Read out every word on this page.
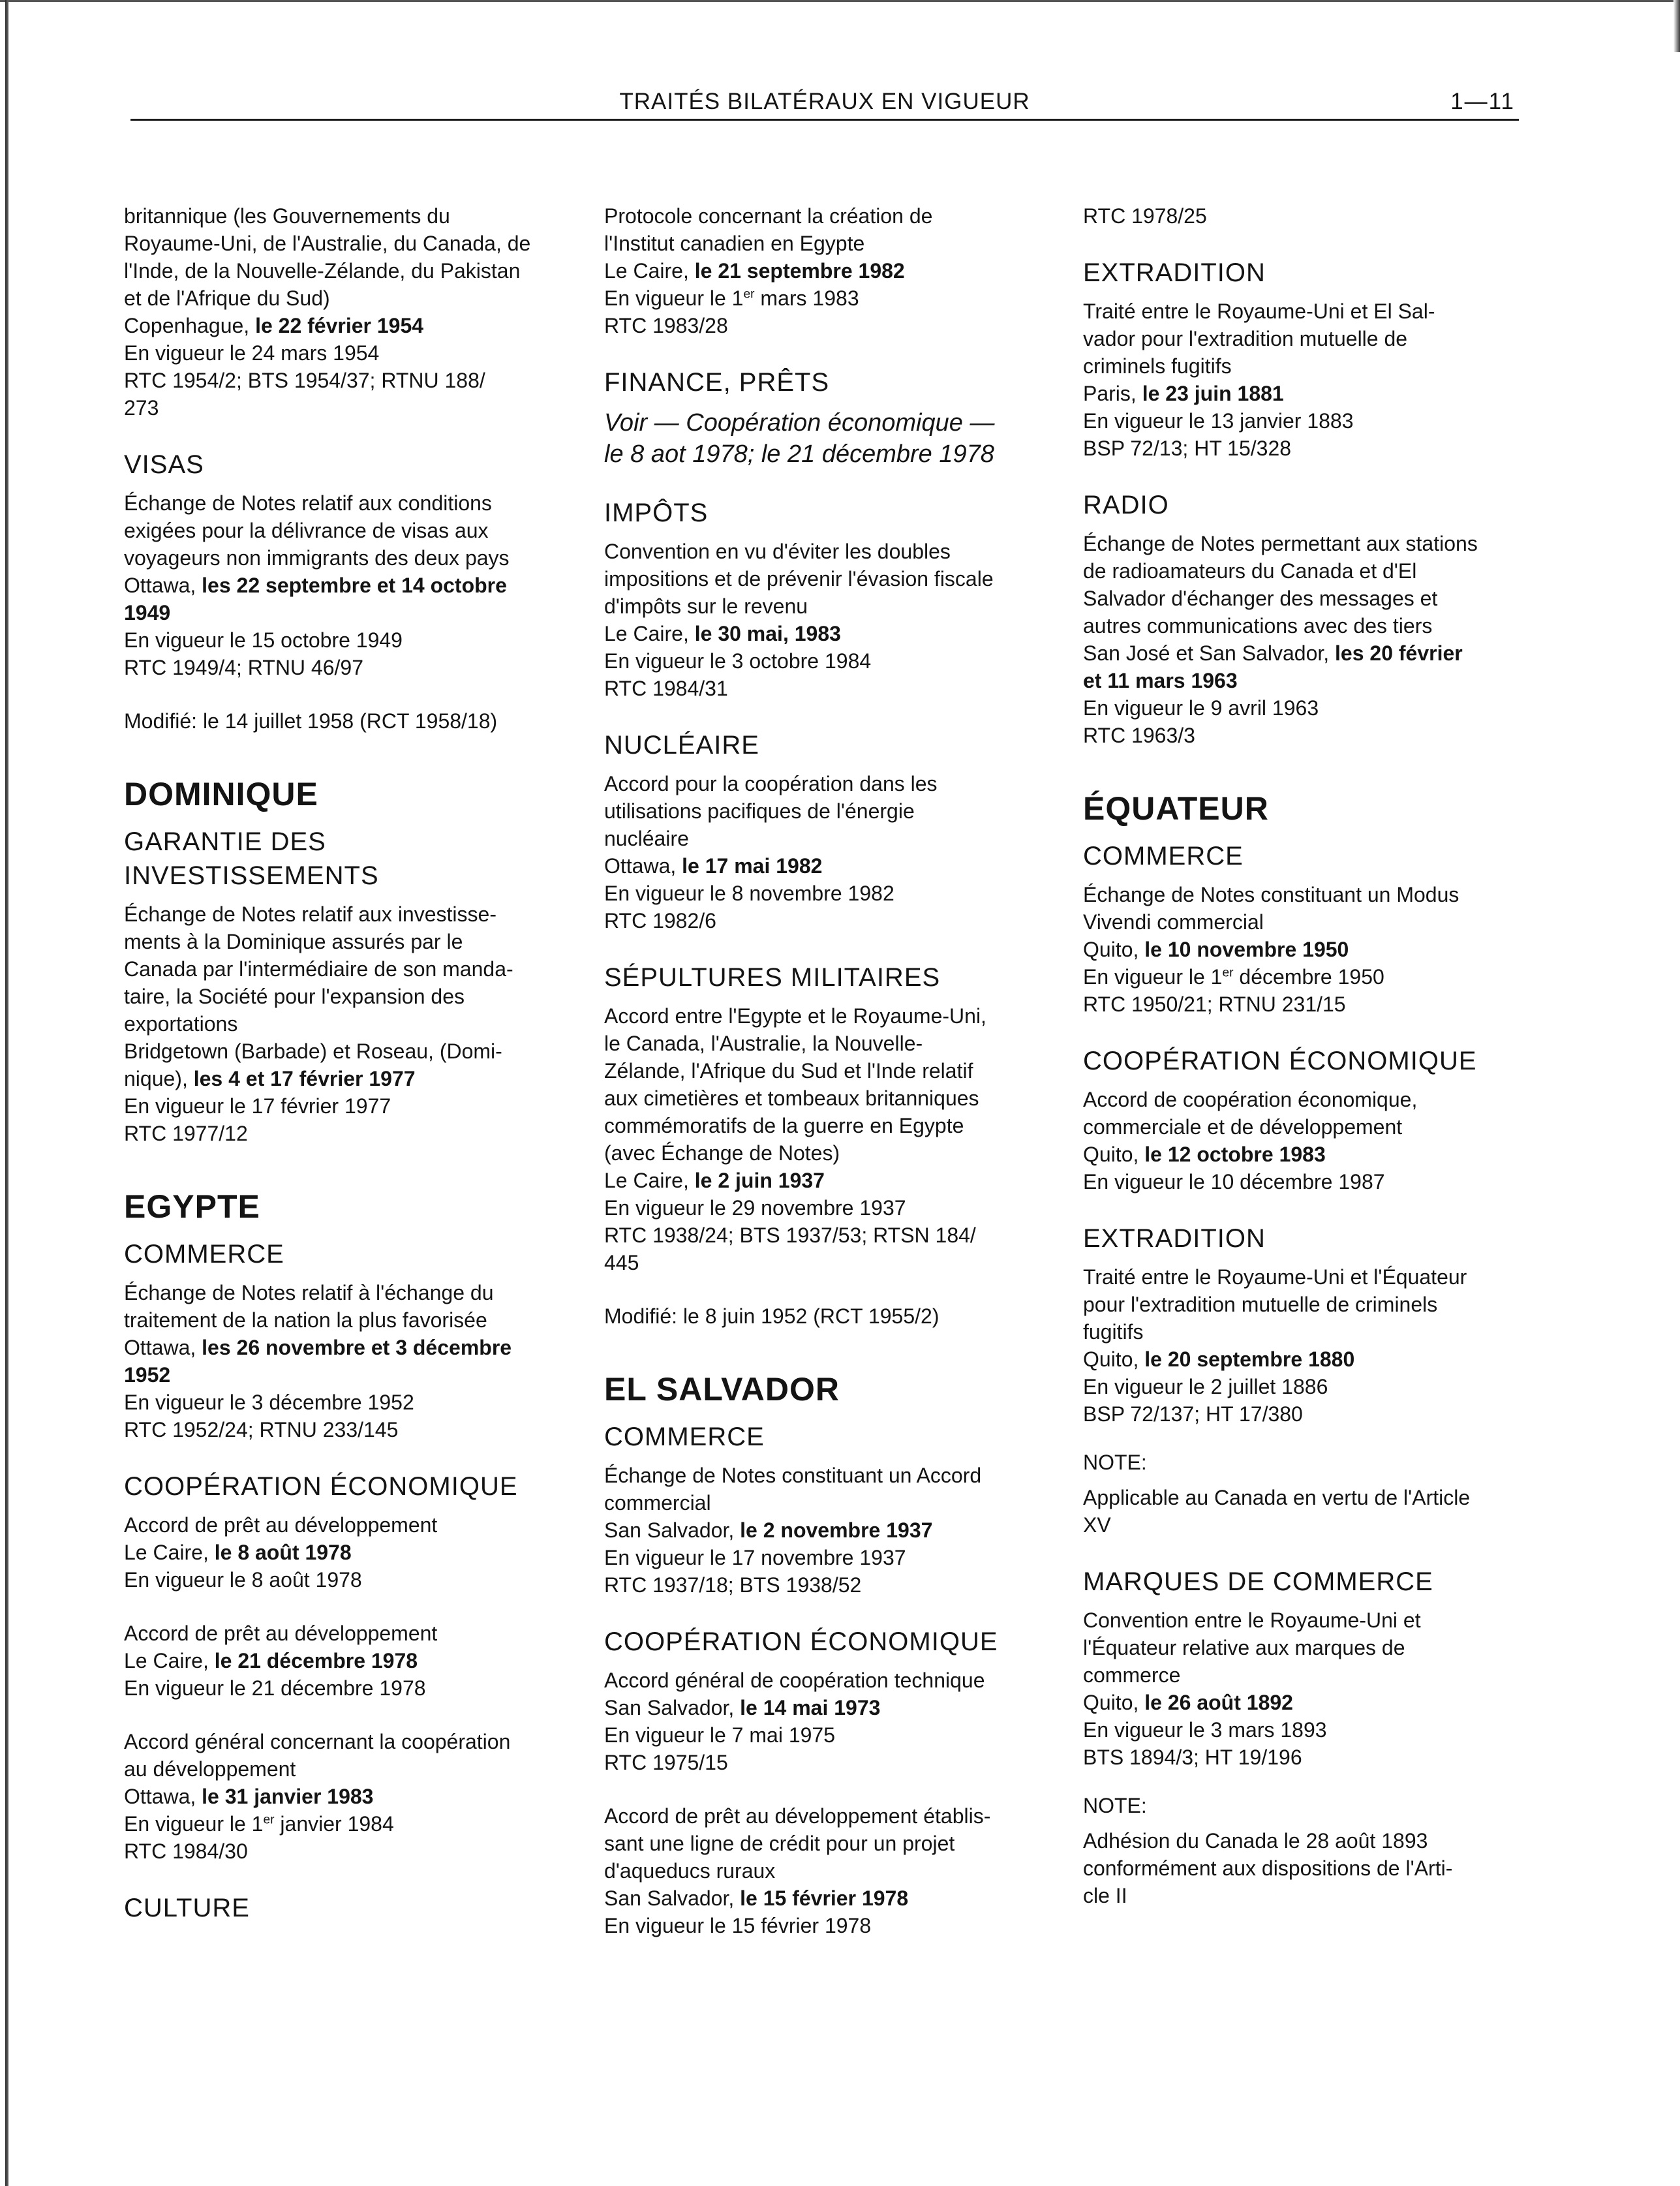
TRAITÉS BILATÉRAUX EN VIGUEUR	1—11
britannique (les Gouvernements du
Royaume-Uni, de l'Australie, du Canada, de
l'Inde, de la Nouvelle-Zélande, du Pakistan
et de l'Afrique du Sud)
Copenhague, le 22 février 1954
En vigueur le 24 mars 1954
RTC 1954/2; BTS 1954/37; RTNU 188/
273
VISAS
Échange de Notes relatif aux conditions
exigées pour la délivrance de visas aux
voyageurs non immigrants des deux pays
Ottawa, les 22 septembre et 14 octobre
1949
En vigueur le 15 octobre 1949
RTC 1949/4; RTNU 46/97
Modifié: le 14 juillet 1958 (RCT 1958/18)
DOMINIQUE
GARANTIE DES
INVESTISSEMENTS
Échange de Notes relatif aux investisse-
ments à la Dominique assurés par le
Canada par l'intermédiaire de son manda-
taire, la Société pour l'expansion des
exportations
Bridgetown (Barbade) et Roseau, (Domi-
nique), les 4 et 17 février 1977
En vigueur le 17 février 1977
RTC 1977/12
EGYPTE
COMMERCE
Échange de Notes relatif à l'échange du
traitement de la nation la plus favorisée
Ottawa, les 26 novembre et 3 décembre
1952
En vigueur le 3 décembre 1952
RTC 1952/24; RTNU 233/145
COOPÉRATION ÉCONOMIQUE
Accord de prêt au développement
Le Caire, le 8 août 1978
En vigueur le 8 août 1978
Accord de prêt au développement
Le Caire, le 21 décembre 1978
En vigueur le 21 décembre 1978
Accord général concernant la coopération
au développement
Ottawa, le 31 janvier 1983
En vigueur le 1er janvier 1984
RTC 1984/30
CULTURE
Protocole concernant la création de
l'Institut canadien en Egypte
Le Caire, le 21 septembre 1982
En vigueur le 1er mars 1983
RTC 1983/28
FINANCE, PRÊTS
Voir — Coopération économique —
le 8 aot 1978; le 21 décembre 1978
IMPÔTS
Convention en vu d'éviter les doubles
impositions et de prévenir l'évasion fiscale
d'impôts sur le revenu
Le Caire, le 30 mai, 1983
En vigueur le 3 octobre 1984
RTC 1984/31
NUCLÉAIRE
Accord pour la coopération dans les
utilisations pacifiques de l'énergie
nucléaire
Ottawa, le 17 mai 1982
En vigueur le 8 novembre 1982
RTC 1982/6
SÉPULTURES MILITAIRES
Accord entre l'Egypte et le Royaume-Uni,
le Canada, l'Australie, la Nouvelle-
Zélande, l'Afrique du Sud et l'Inde relatif
aux cimetières et tombeaux britanniques
commémoratifs de la guerre en Egypte
(avec Échange de Notes)
Le Caire, le 2 juin 1937
En vigueur le 29 novembre 1937
RTC 1938/24; BTS 1937/53; RTSN 184/
445
Modifié: le 8 juin 1952 (RCT 1955/2)
EL SALVADOR
COMMERCE
Échange de Notes constituant un Accord
commercial
San Salvador, le 2 novembre 1937
En vigueur le 17 novembre 1937
RTC 1937/18; BTS 1938/52
COOPÉRATION ÉCONOMIQUE
Accord général de coopération technique
San Salvador, le 14 mai 1973
En vigueur le 7 mai 1975
RTC 1975/15
Accord de prêt au développement établis-
sant une ligne de crédit pour un projet
d'aqueducs ruraux
San Salvador, le 15 février 1978
En vigueur le 15 février 1978
RTC 1978/25
EXTRADITION
Traité entre le Royaume-Uni et El Sal-
vador pour l'extradition mutuelle de
criminels fugitifs
Paris, le 23 juin 1881
En vigueur le 13 janvier 1883
BSP 72/13; HT 15/328
RADIO
Échange de Notes permettant aux stations
de radioamateurs du Canada et d'El
Salvador d'échanger des messages et
autres communications avec des tiers
San José et San Salvador, les 20 février
et 11 mars 1963
En vigueur le 9 avril 1963
RTC 1963/3
ÉQUATEUR
COMMERCE
Échange de Notes constituant un Modus
Vivendi commercial
Quito, le 10 novembre 1950
En vigueur le 1er décembre 1950
RTC 1950/21; RTNU 231/15
COOPÉRATION ÉCONOMIQUE
Accord de coopération économique,
commerciale et de développement
Quito, le 12 octobre 1983
En vigueur le 10 décembre 1987
EXTRADITION
Traité entre le Royaume-Uni et l'Équateur
pour l'extradition mutuelle de criminels
fugitifs
Quito, le 20 septembre 1880
En vigueur le 2 juillet 1886
BSP 72/137; HT 17/380
NOTE:
Applicable au Canada en vertu de l'Article
XV
MARQUES DE COMMERCE
Convention entre le Royaume-Uni et
l'Équateur relative aux marques de
commerce
Quito, le 26 août 1892
En vigueur le 3 mars 1893
BTS 1894/3; HT 19/196
NOTE:
Adhésion du Canada le 28 août 1893
conformément aux dispositions de l'Arti-
cle II
